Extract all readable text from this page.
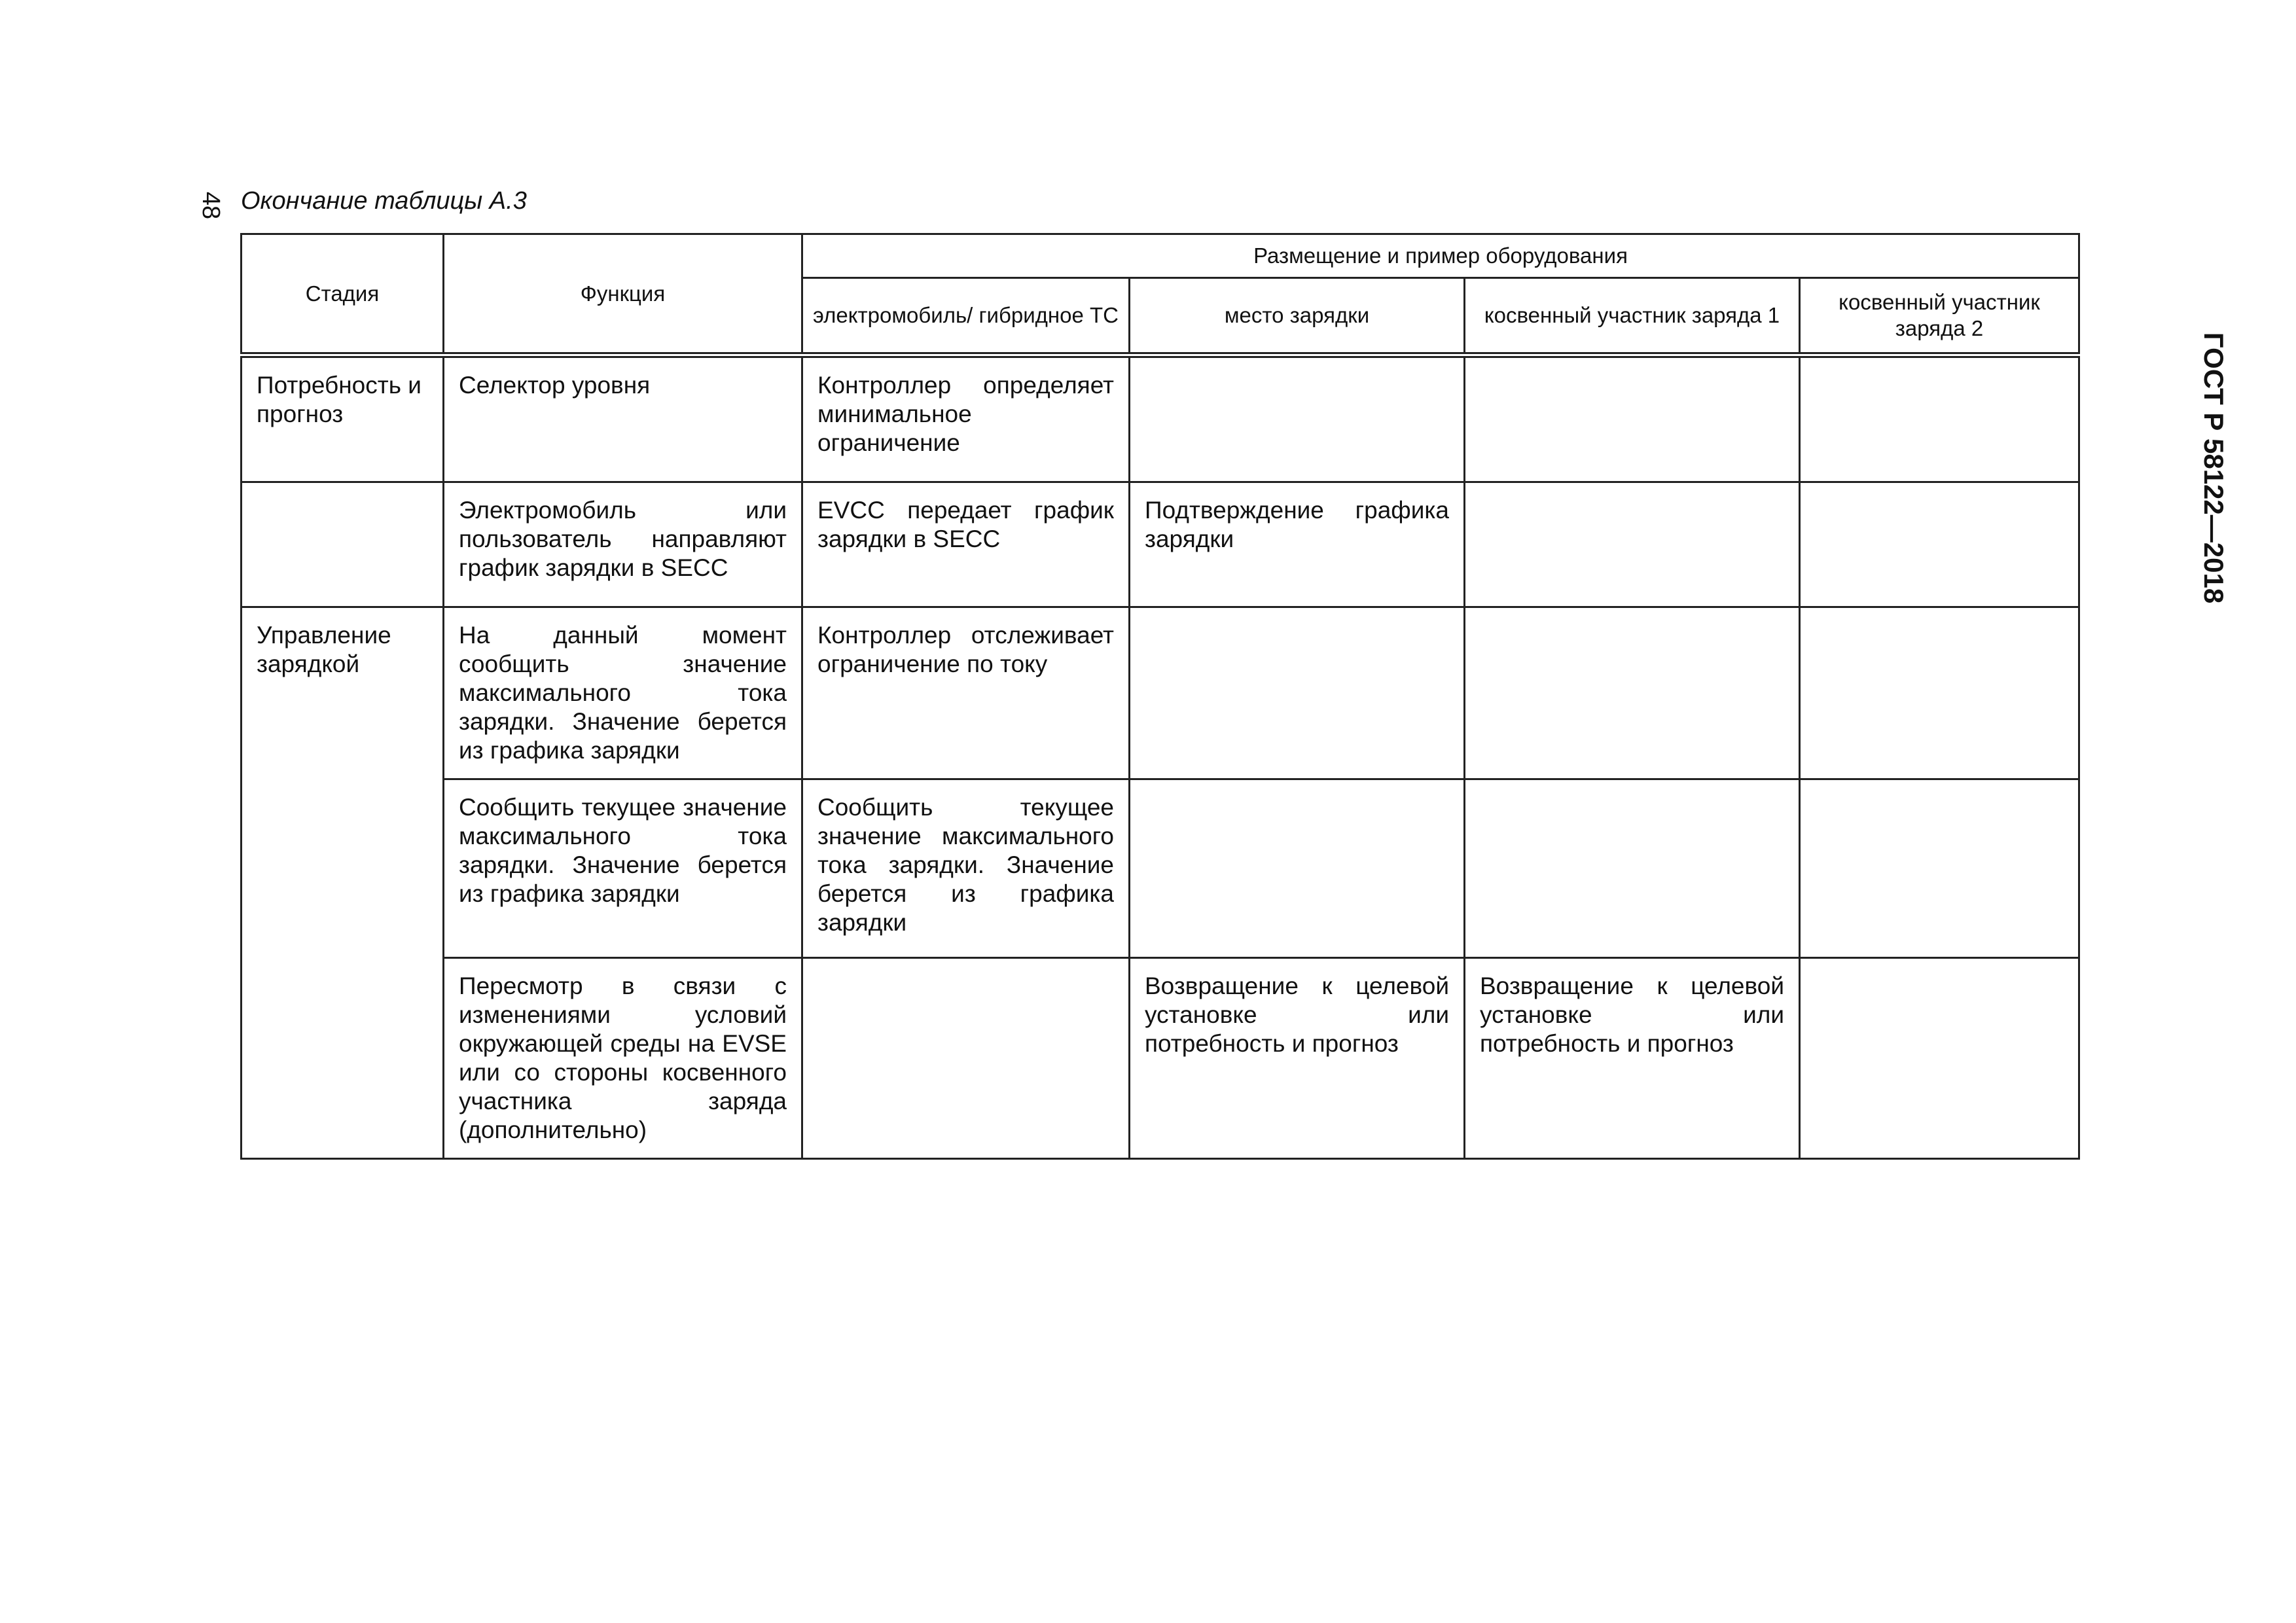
48
ГОСТ Р 58122—2018
Окончание таблицы А.3
Стадия	Функция	Размещение и пример оборудования			
		электромобиль/ гибридное ТС	место зарядки	косвенный участник заряда 1	косвенный участник заряда 2
Потребность и прогноз	Селектор уровня	Контроллер определяет минимальное ограничение			
	Электромобиль или пользователь направляют график зарядки в SECC	EVCC передает график зарядки в SECC	Подтверждение графика зарядки		
Управление зарядкой	На данный момент сообщить значение максимального тока зарядки. Значение берется из графика зарядки	Контроллер отслеживает ограничение по току			
	Сообщить текущее значение максимального тока зарядки. Значение берется из графика зарядки	Сообщить текущее значение максимального тока зарядки. Значение берется из графика зарядки			
	Пересмотр в связи с изменениями условий окружающей среды на EVSE или со стороны косвенного участника заряда (дополнительно)		Возвращение к целевой установке или потребность и прогноз	Возвращение к целевой установке или потребность и прогноз	
